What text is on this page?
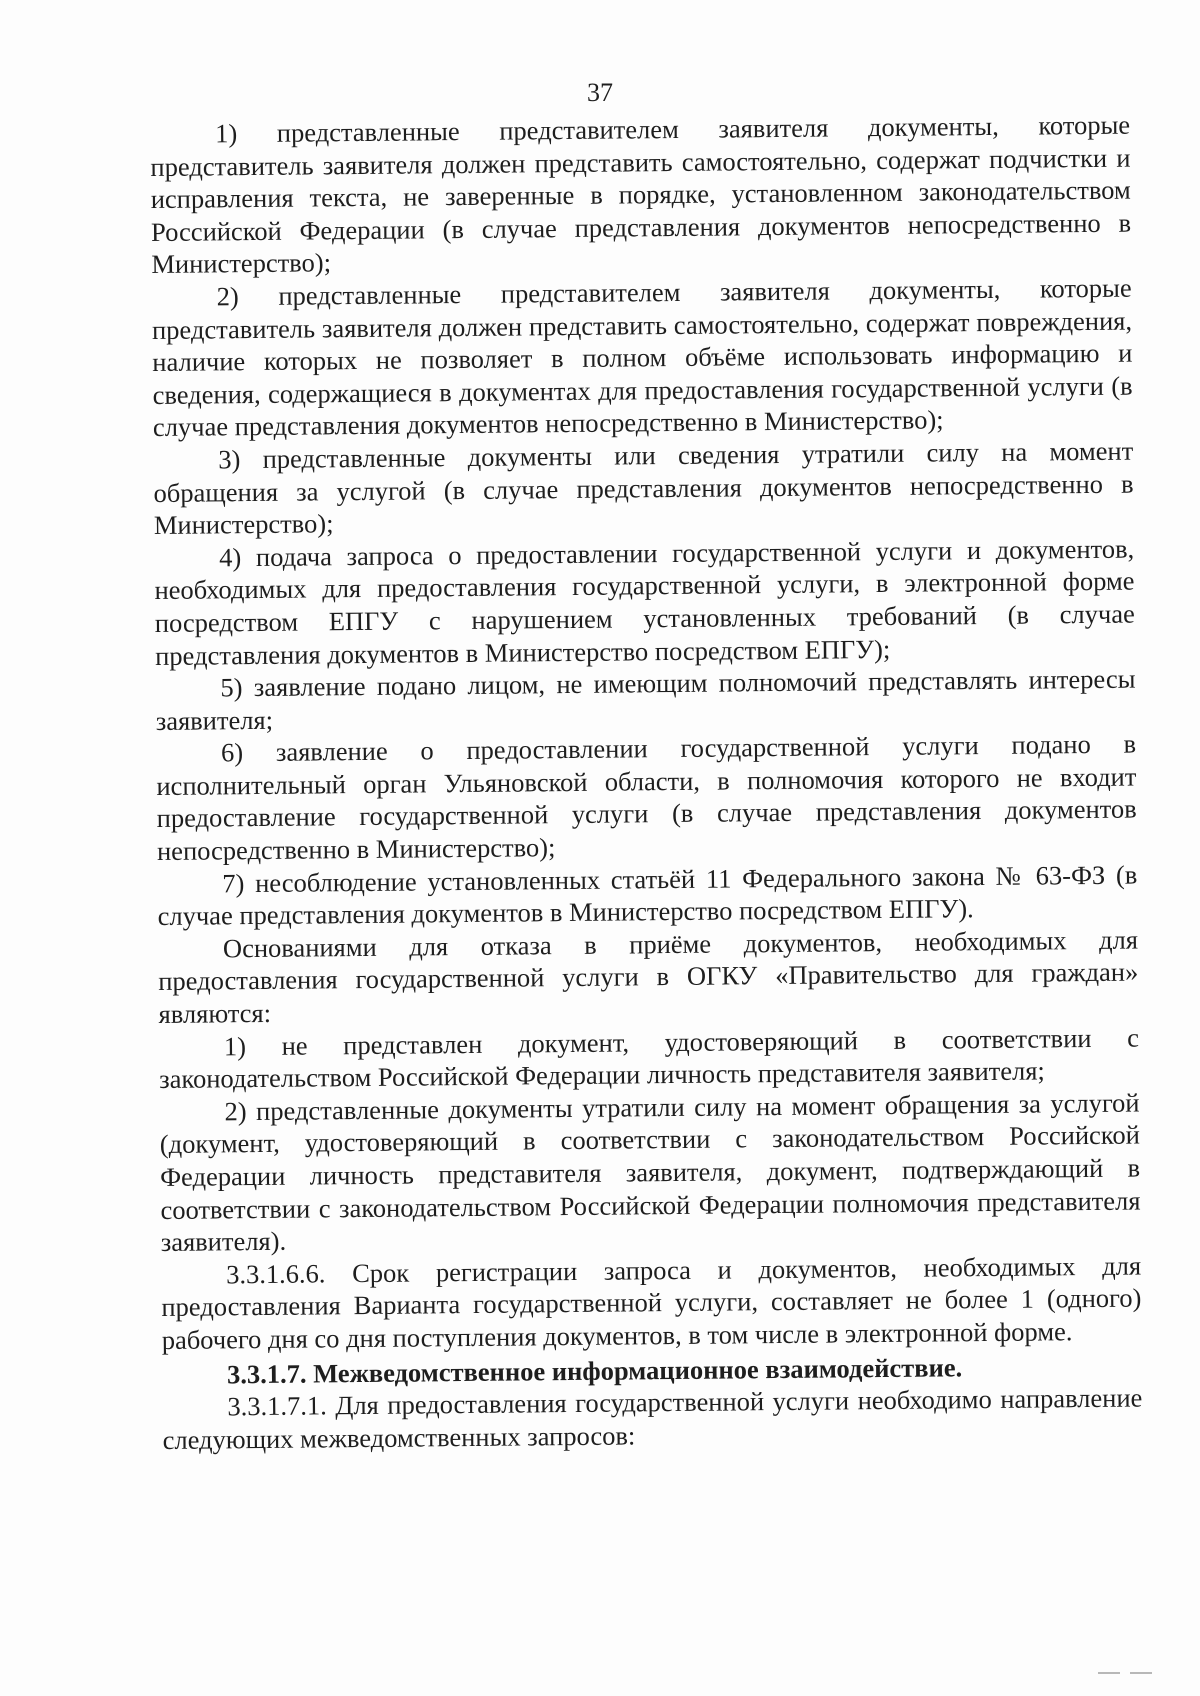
37

1) представленные представителем заявителя документы, которые представитель заявителя должен представить самостоятельно, содержат подчистки и исправления текста, не заверенные в порядке, установленном законодательством Российской Федерации (в случае представления документов непосредственно в Министерство);

2) представленные представителем заявителя документы, которые представитель заявителя должен представить самостоятельно, содержат повреждения, наличие которых не позволяет в полном объёме использовать информацию и сведения, содержащиеся в документах для предоставления государственной услуги (в случае представления документов непосредственно в Министерство);

3) представленные документы или сведения утратили силу на момент обращения за услугой (в случае представления документов непосредственно в Министерство);

4) подача запроса о предоставлении государственной услуги и документов, необходимых для предоставления государственной услуги, в электронной форме посредством ЕПГУ с нарушением установленных требований (в случае представления документов в Министерство посредством ЕПГУ);

5) заявление подано лицом, не имеющим полномочий представлять интересы заявителя;

6) заявление о предоставлении государственной услуги подано в исполнительный орган Ульяновской области, в полномочия которого не входит предоставление государственной услуги (в случае представления документов непосредственно в Министерство);

7) несоблюдение установленных статьёй 11 Федерального закона № 63-ФЗ (в случае представления документов в Министерство посредством ЕПГУ).

Основаниями для отказа в приёме документов, необходимых для предоставления государственной услуги в ОГКУ «Правительство для граждан» являются:

1) не представлен документ, удостоверяющий в соответствии с законодательством Российской Федерации личность представителя заявителя;

2) представленные документы утратили силу на момент обращения за услугой (документ, удостоверяющий в соответствии с законодательством Российской Федерации личность представителя заявителя, документ, подтверждающий в соответствии с законодательством Российской Федерации полномочия представителя заявителя).

3.3.1.6.6. Срок регистрации запроса и документов, необходимых для предоставления Варианта государственной услуги, составляет не более 1 (одного) рабочего дня со дня поступления документов, в том числе в электронной форме.

3.3.1.7. Межведомственное информационное взаимодействие.

3.3.1.7.1. Для предоставления государственной услуги необходимо направление следующих межведомственных запросов:
